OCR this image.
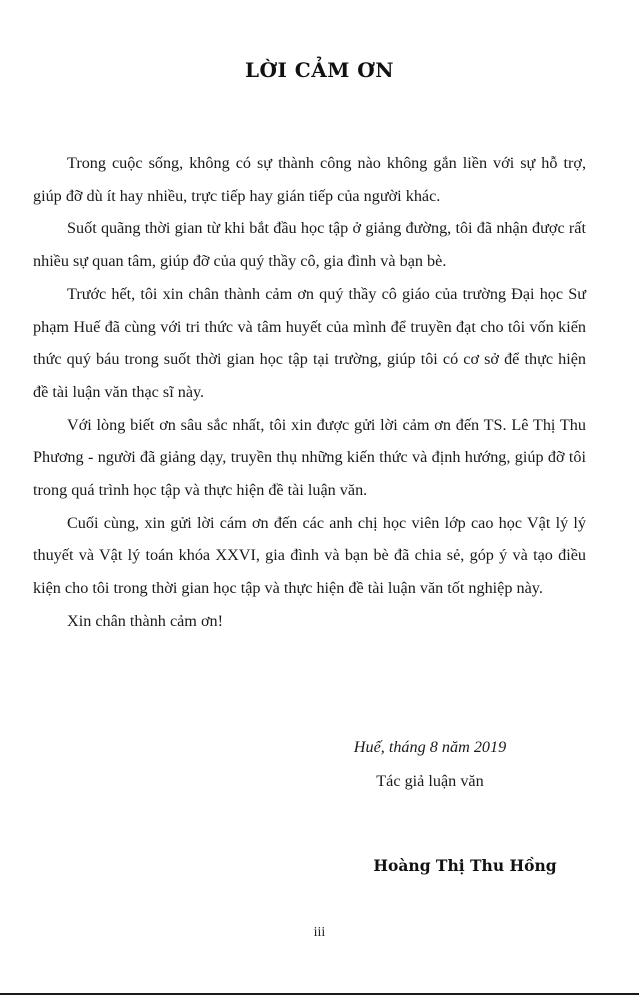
LỜI CẢM ƠN

Trong cuộc sống, không có sự thành công nào không gắn liền với sự hỗ trợ, giúp đỡ dù ít hay nhiều, trực tiếp hay gián tiếp của người khác.

Suốt quãng thời gian từ khi bắt đầu học tập ở giảng đường, tôi đã nhận được rất nhiều sự quan tâm, giúp đỡ của quý thầy cô, gia đình và bạn bè.

Trước hết, tôi xin chân thành cảm ơn quý thầy cô giáo của trường Đại học Sư phạm Huế đã cùng với tri thức và tâm huyết của mình để truyền đạt cho tôi vốn kiến thức quý báu trong suốt thời gian học tập tại trường, giúp tôi có cơ sở để thực hiện đề tài luận văn thạc sĩ này.

Với lòng biết ơn sâu sắc nhất, tôi xin được gửi lời cảm ơn đến TS. Lê Thị Thu Phương - người đã giảng dạy, truyền thụ những kiến thức và định hướng, giúp đỡ tôi trong quá trình học tập và thực hiện đề tài luận văn.

Cuối cùng, xin gửi lời cám ơn đến các anh chị học viên lớp cao học Vật lý lý thuyết và Vật lý toán khóa XXVI, gia đình và bạn bè đã chia sẻ, góp ý và tạo điều kiện cho tôi trong thời gian học tập và thực hiện đề tài luận văn tốt nghiệp này.

Xin chân thành cảm ơn!

Huế, tháng 8 năm 2019
Tác giả luận văn
Hoàng Thị Thu Hồng
iii
